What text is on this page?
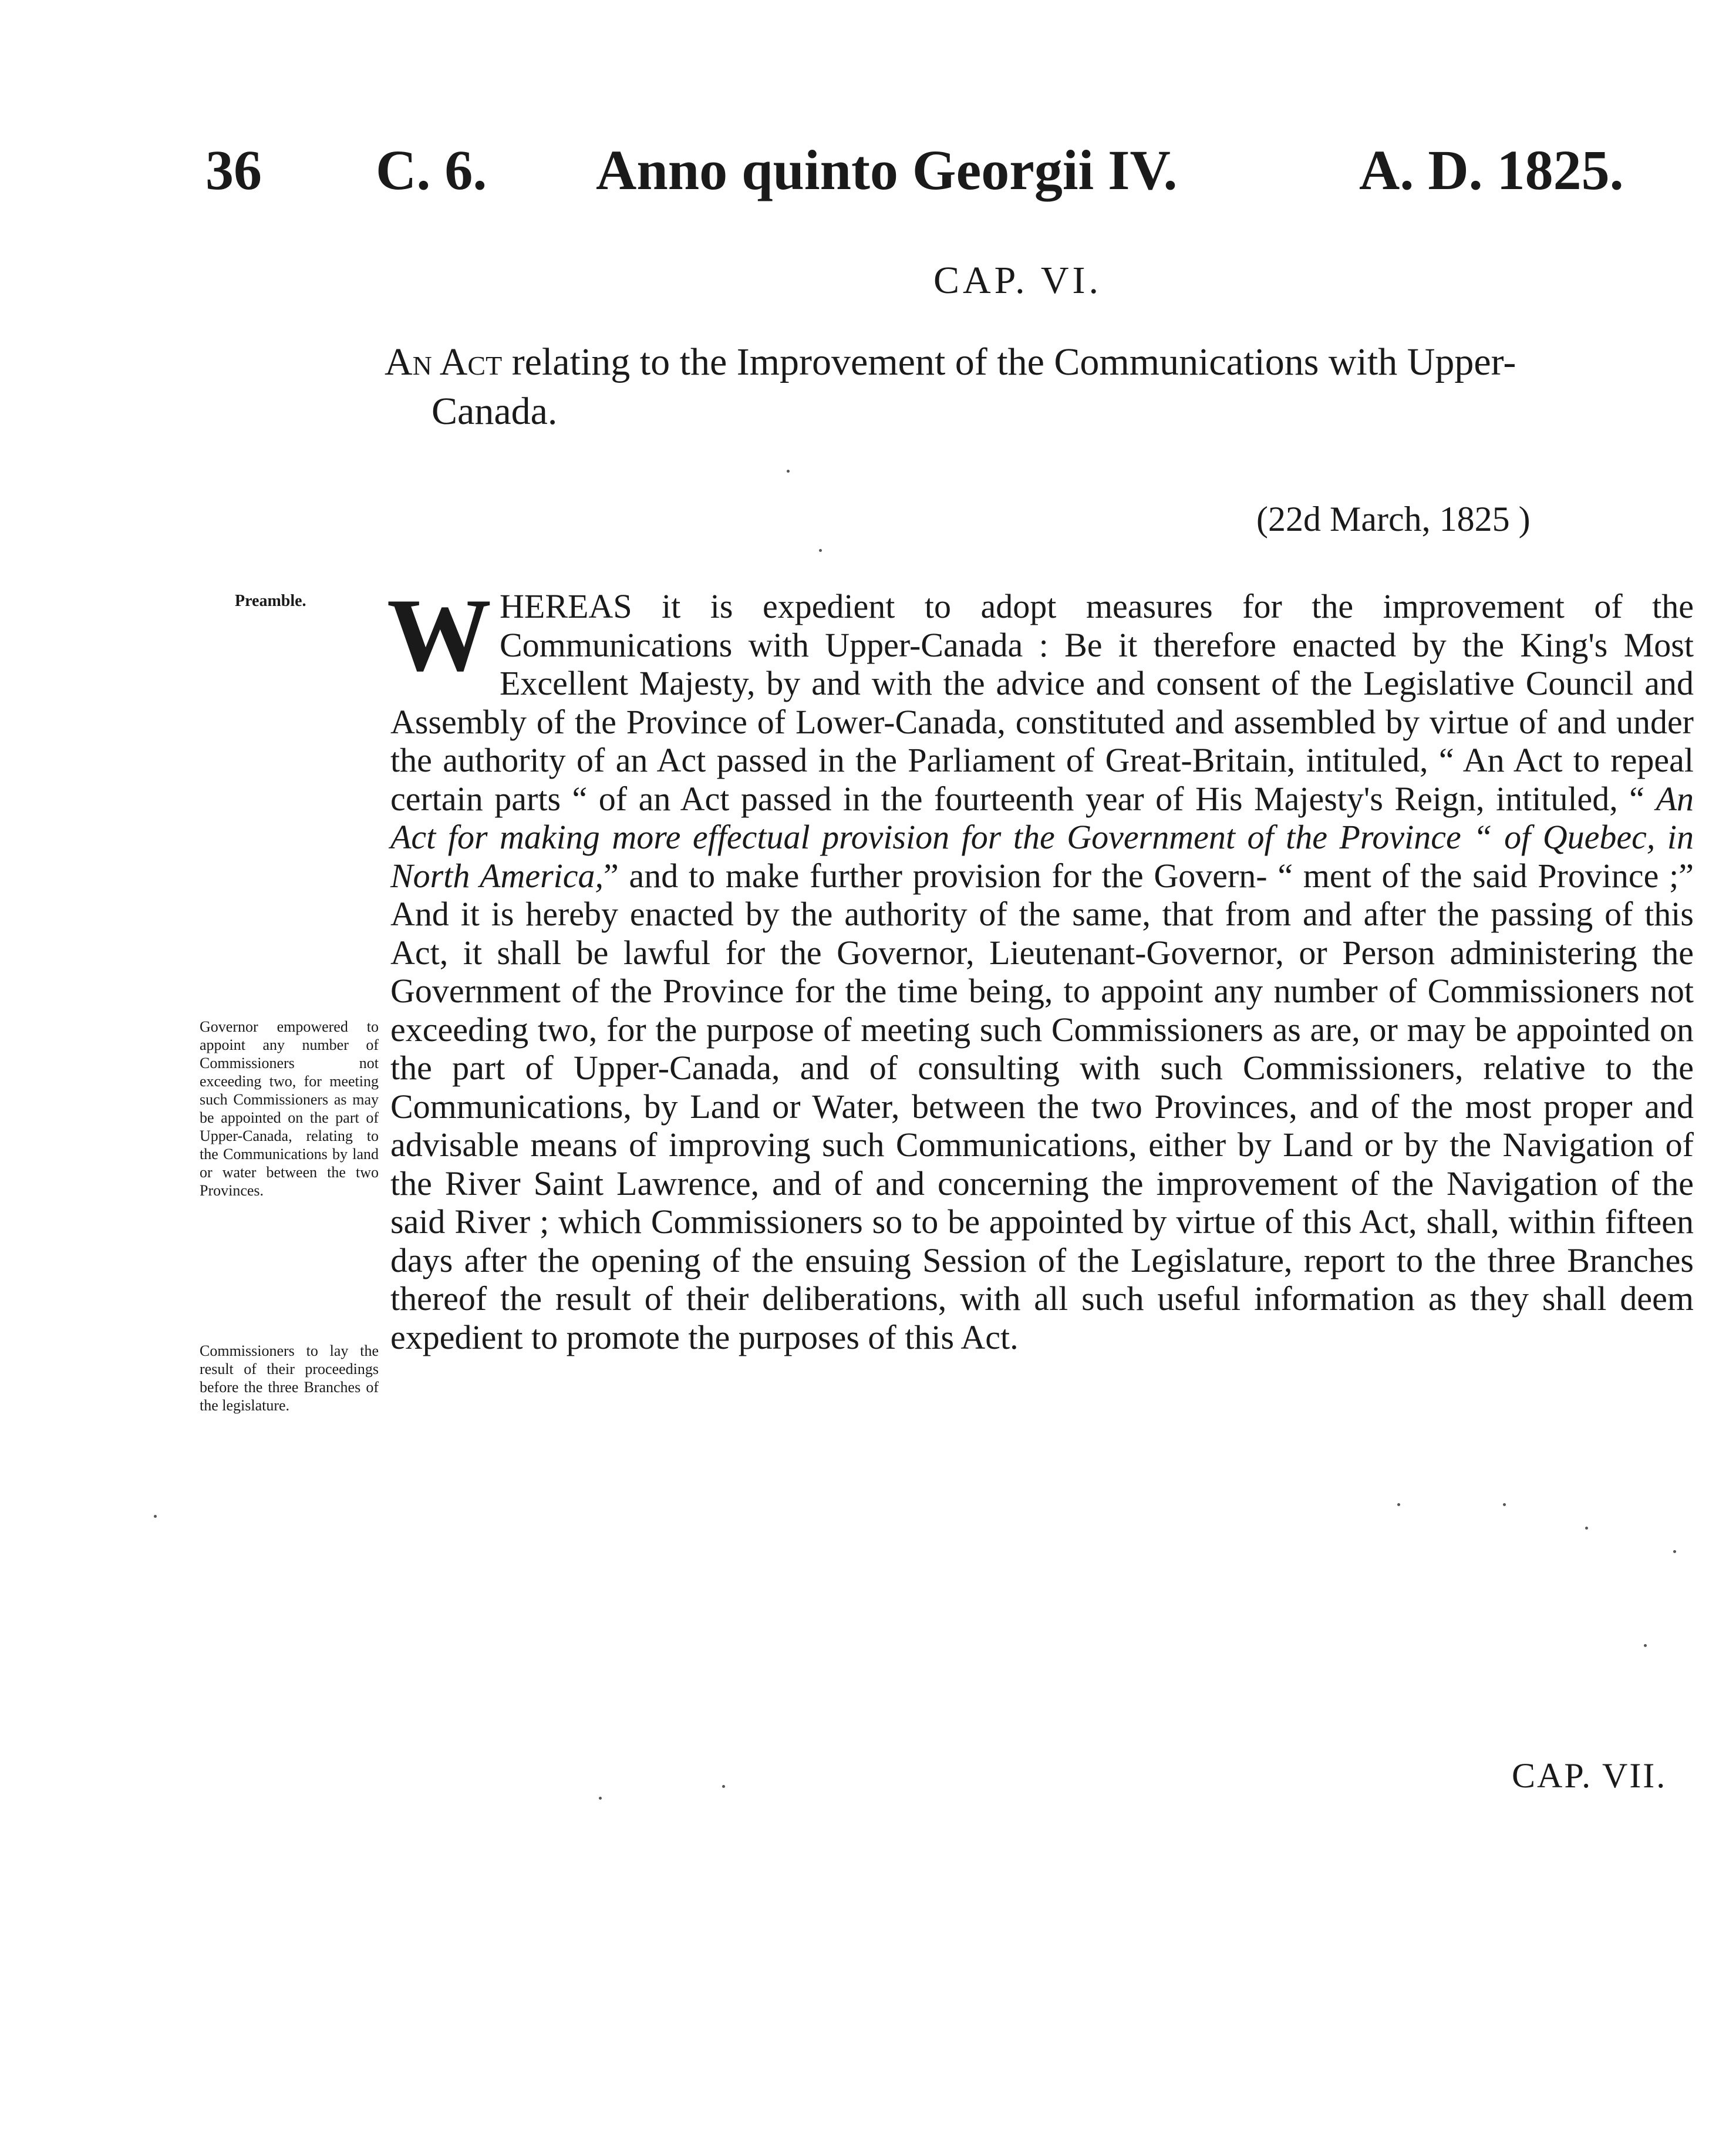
36 C. 6. Anno quinto Georgii IV.	A. D. 1825.
CAP. VI.
An Act relating to the Improvement of the Communications with Upper-
Canada.
(22d March, 1825 )
Preamble.
Governor empowered to appoint any number of Commissioners not exceeding two, for meeting such Commissioners as may be appointed on the part of Upper-Canada, relating to the Communications by land or water between the two Provinces.
Commissioners to lay the result of their proceedings before the three Branches of the legislature.

WHEREAS it is expedient to adopt measures for the improvement of the Communications with Upper-Canada : Be it therefore enacted by the King's Most Excellent Majesty, by and with the advice and consent of the Legislative Council and Assembly of the Province of Lower-Canada, constituted and assembled by virtue of and under the authority of an Act passed in the Parliament of Great-Britain, intituled, “ An Act to repeal certain parts “ of an Act passed in the fourteenth year of His Majesty's Reign, intituled, “ An Act for making more effectual provision for the Government of the Province “ of Quebec, in North America,” and to make further provision for the Govern- “ ment of the said Province ;” And it is hereby enacted by the authority of the same, that from and after the passing of this Act, it shall be lawful for the Governor, Lieutenant-Governor, or Person administering the Government of the Province for the time being, to appoint any number of Commissioners not exceeding two, for the purpose of meeting such Commissioners as are, or may be appointed on the part of Upper-Canada, and of consulting with such Commissioners, relative to the Communications, by Land or Water, between the two Provinces, and of the most proper and advisable means of improving such Communications, either by Land or by the Navigation of the River Saint Lawrence, and of and concerning the improvement of the Navigation of the said River ; which Commissioners so to be appointed by virtue of this Act, shall, within fifteen days after the opening of the ensuing Session of the Legislature, report to the three Branches thereof the result of their deliberations, with all such useful information as they shall deem expedient to promote the purposes of this Act.

CAP. VII.
